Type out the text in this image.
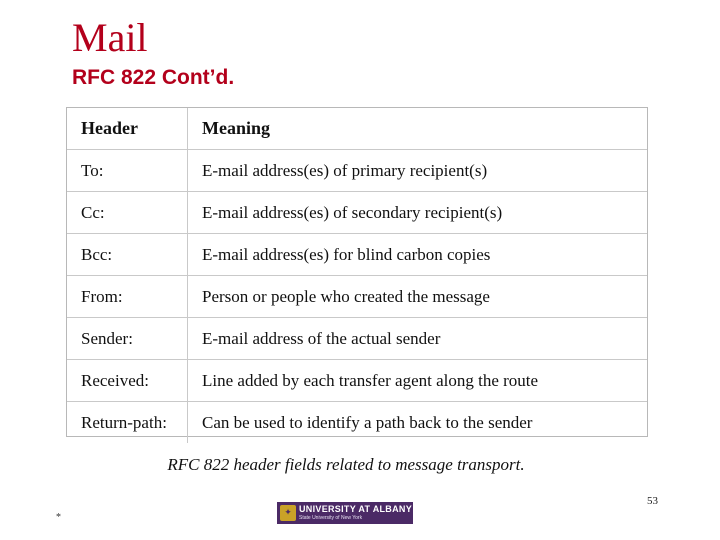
Mail
RFC 822 Cont’d.
Header	Meaning
To:	E-mail address(es) of primary recipient(s)
Cc:	E-mail address(es) of secondary recipient(s)
Bcc:	E-mail address(es) for blind carbon copies
From:	Person or people who created the message
Sender:	E-mail address of the actual sender
Received:	Line added by each transfer agent along the route
Return-path:	Can be used to identify a path back to the sender
RFC 822 header fields related to message transport.
53
*	✦ UNIVERSITY AT ALBANY
State University of New York
